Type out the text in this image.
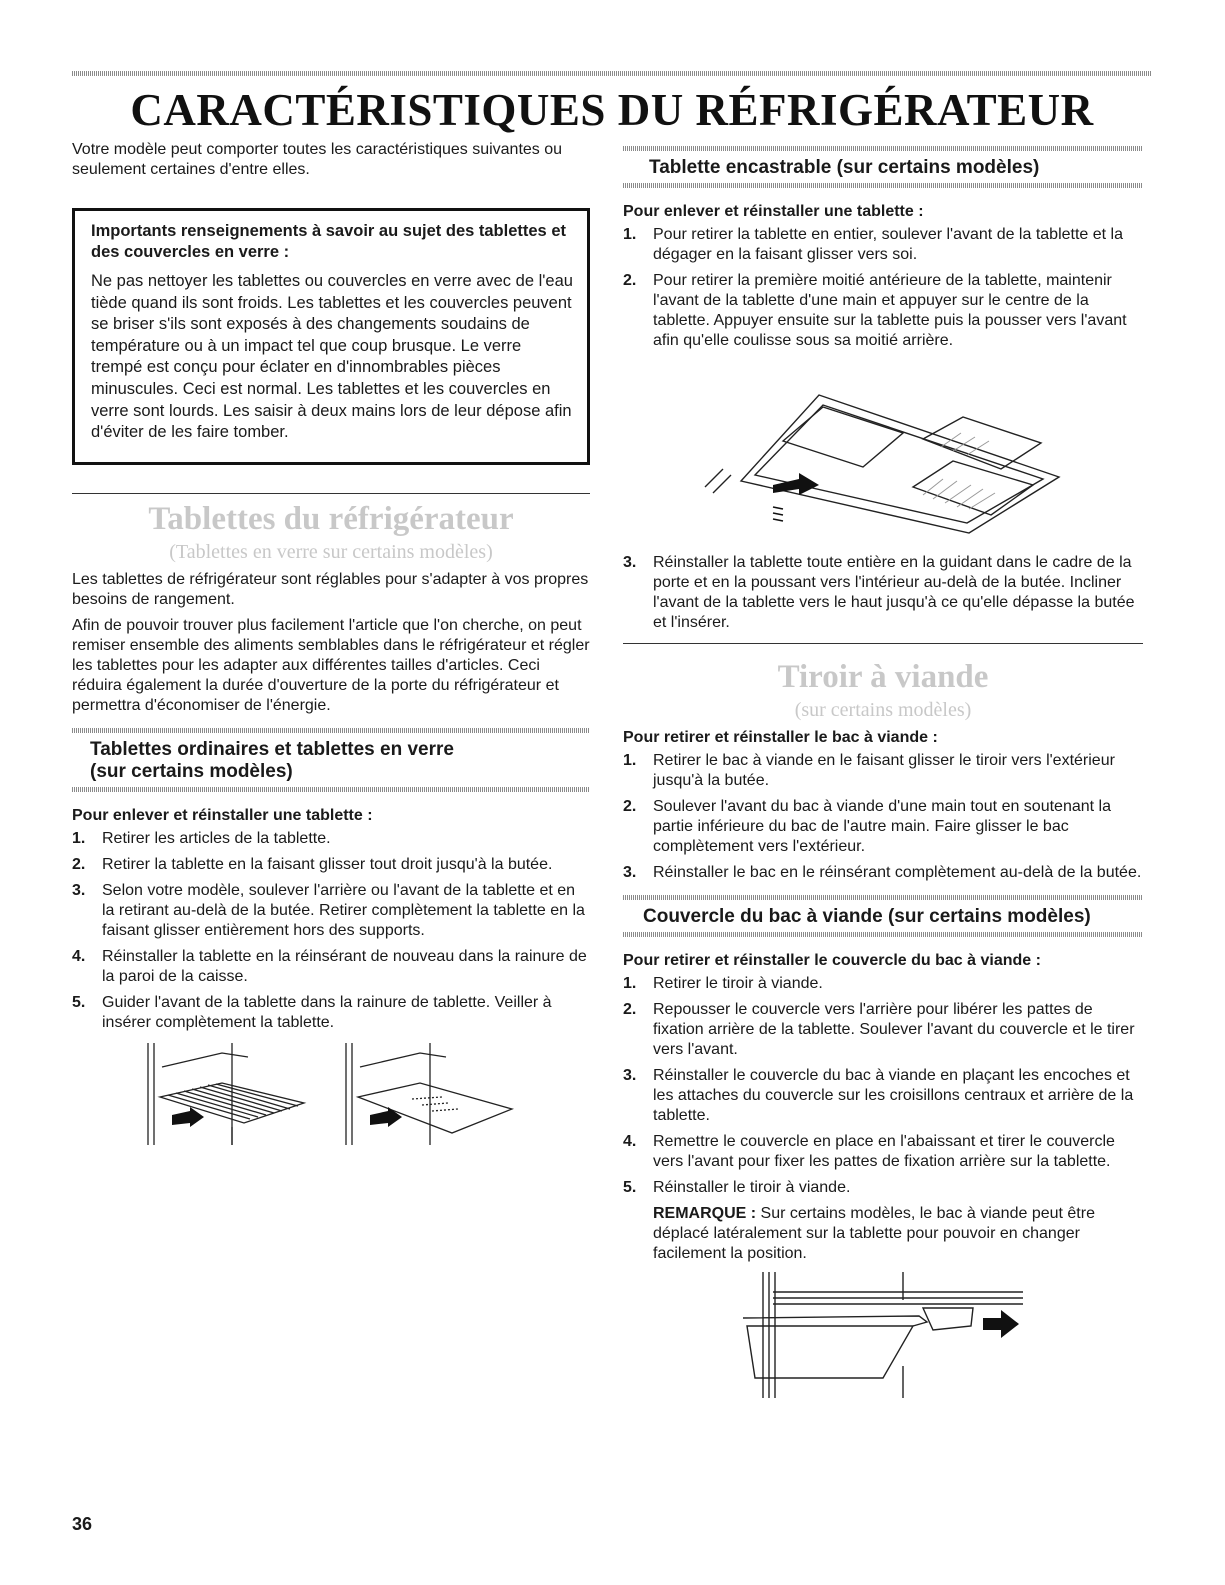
CARACTÉRISTIQUES DU RÉFRIGÉRATEUR

Votre modèle peut comporter toutes les caractéristiques suivantes ou seulement certaines d'entre elles.

Importants renseignements à savoir au sujet des tablettes et des couvercles en verre :

Ne pas nettoyer les tablettes ou couvercles en verre avec de l'eau tiède quand ils sont froids. Les tablettes et les couvercles peuvent se briser s'ils sont exposés à des changements soudains de température ou à un impact tel que coup brusque. Le verre trempé est conçu pour éclater en d'innombrables pièces minuscules. Ceci est normal. Les tablettes et les couvercles en verre sont lourds. Les saisir à deux mains lors de leur dépose afin d'éviter de les faire tomber.

Tablettes du réfrigérateur
(Tablettes en verre sur certains modèles)

Les tablettes de réfrigérateur sont réglables pour s'adapter à vos propres besoins de rangement.

Afin de pouvoir trouver plus facilement l'article que l'on cherche, on peut remiser ensemble des aliments semblables dans le réfrigérateur et régler les tablettes pour les adapter aux différentes tailles d'articles. Ceci réduira également la durée d'ouverture de la porte du réfrigérateur et permettra d'économiser de l'énergie.

Tablettes ordinaires et tablettes en verre
(sur certains modèles)
Pour enlever et réinstaller une tablette :
1. Retirer les articles de la tablette.
2. Retirer la tablette en la faisant glisser tout droit jusqu'à la butée.
3. Selon votre modèle, soulever l'arrière ou l'avant de la tablette et en la retirant au-delà de la butée. Retirer complètement la tablette en la faisant glisser entièrement hors des supports.
4. Réinstaller la tablette en la réinsérant de nouveau dans la rainure de la paroi de la caisse.
5. Guider l'avant de la tablette dans la rainure de tablette. Veiller à insérer complètement la tablette.
Tablette encastrable (sur certains modèles)
Pour enlever et réinstaller une tablette :
1. Pour retirer la tablette en entier, soulever l'avant de la tablette et la dégager en la faisant glisser vers soi.
2. Pour retirer la première moitié antérieure de la tablette, maintenir l'avant de la tablette d'une main et appuyer sur le centre de la tablette. Appuyer ensuite sur la tablette puis la pousser vers l'avant afin qu'elle coulisse sous sa moitié arrière.
3. Réinstaller la tablette toute entière en la guidant dans le cadre de la porte et en la poussant vers l'intérieur au-delà de la butée. Incliner l'avant de la tablette vers le haut jusqu'à ce qu'elle dépasse la butée et l'insérer.
Tiroir à viande
(sur certains modèles)
Pour retirer et réinstaller le bac à viande :
1. Retirer le bac à viande en le faisant glisser le tiroir vers l'extérieur jusqu'à la butée.
2. Soulever l'avant du bac à viande d'une main tout en soutenant la partie inférieure du bac de l'autre main. Faire glisser le bac complètement vers l'extérieur.
3. Réinstaller le bac en le réinsérant complètement au-delà de la butée.
Couvercle du bac à viande (sur certains modèles)
Pour retirer et réinstaller le couvercle du bac à viande :
1. Retirer le tiroir à viande.
2. Repousser le couvercle vers l'arrière pour libérer les pattes de fixation arrière de la tablette. Soulever l'avant du couvercle et le tirer vers l'avant.
3. Réinstaller le couvercle du bac à viande en plaçant les encoches et les attaches du couvercle sur les croisillons centraux et arrière de la tablette.
4. Remettre le couvercle en place en l'abaissant et tirer le couvercle vers l'avant pour fixer les pattes de fixation arrière sur la tablette.
5. Réinstaller le tiroir à viande.

REMARQUE : Sur certains modèles, le bac à viande peut être déplacé latéralement sur la tablette pour pouvoir en changer facilement la position.

36
